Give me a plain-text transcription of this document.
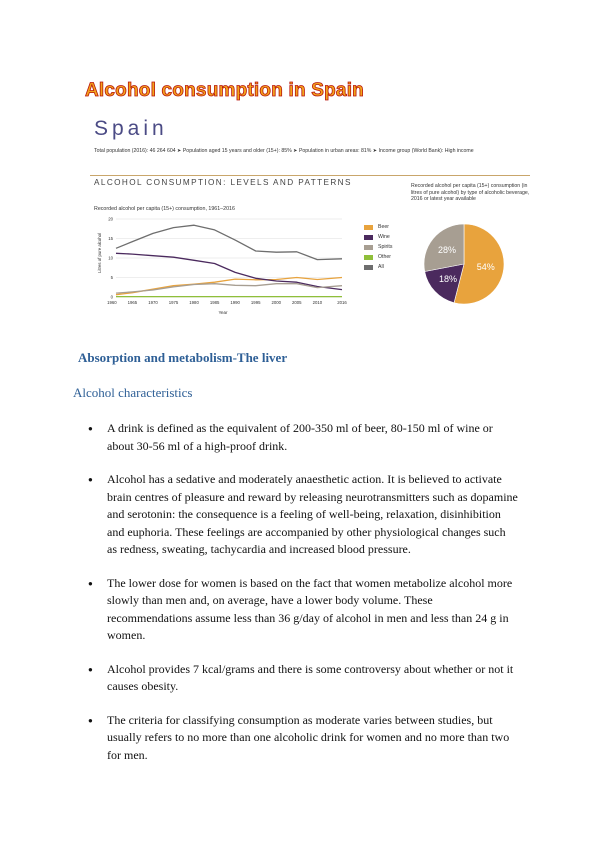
Alcohol consumption in Spain
Spain
Total population (2016): 46 264 604 ➤ Population aged 15 years and older (15+): 85% ➤ Population in urban areas: 81% ➤ Income group (World Bank): High income
ALCOHOL CONSUMPTION: LEVELS AND PATTERNS
Recorded alcohol per capita (15+) consumption, 1961–2016
0
5
10
15
20
1960	1965	1970	1975	1980	1985	1990	1995	2000	2005	2010	2016
Litres of pure alcohol
Year
Beer
Wine
Spirits
Other
All
Recorded alcohol per capita (15+) consumption (in litres of pure alcohol) by type of alcoholic beverage, 2016 or latest year available
54%
18%
28%
Absorption and metabolism-The liver
Alcohol characteristics
● A drink is defined as the equivalent of 200-350 ml of beer, 80-150 ml of wine or about 30-56 ml of a high-proof drink.
● Alcohol has a sedative and moderately anaesthetic action. It is believed to activate brain centres of pleasure and reward by releasing neurotransmitters such as dopamine and serotonin: the consequence is a feeling of well-being, relaxation, disinhibition and euphoria. These feelings are accompanied by other physiological changes such as redness, sweating, tachycardia and increased blood pressure.
● The lower dose for women is based on the fact that women metabolize alcohol more slowly than men and, on average, have a lower body volume. These recommendations assume less than 36 g/day of alcohol in men and less than 24 g in women.
● Alcohol provides 7 kcal/grams and there is some controversy about whether or not it causes obesity.
● The criteria for classifying consumption as moderate varies between studies, but usually refers to no more than one alcoholic drink for women and no more than two for men.
